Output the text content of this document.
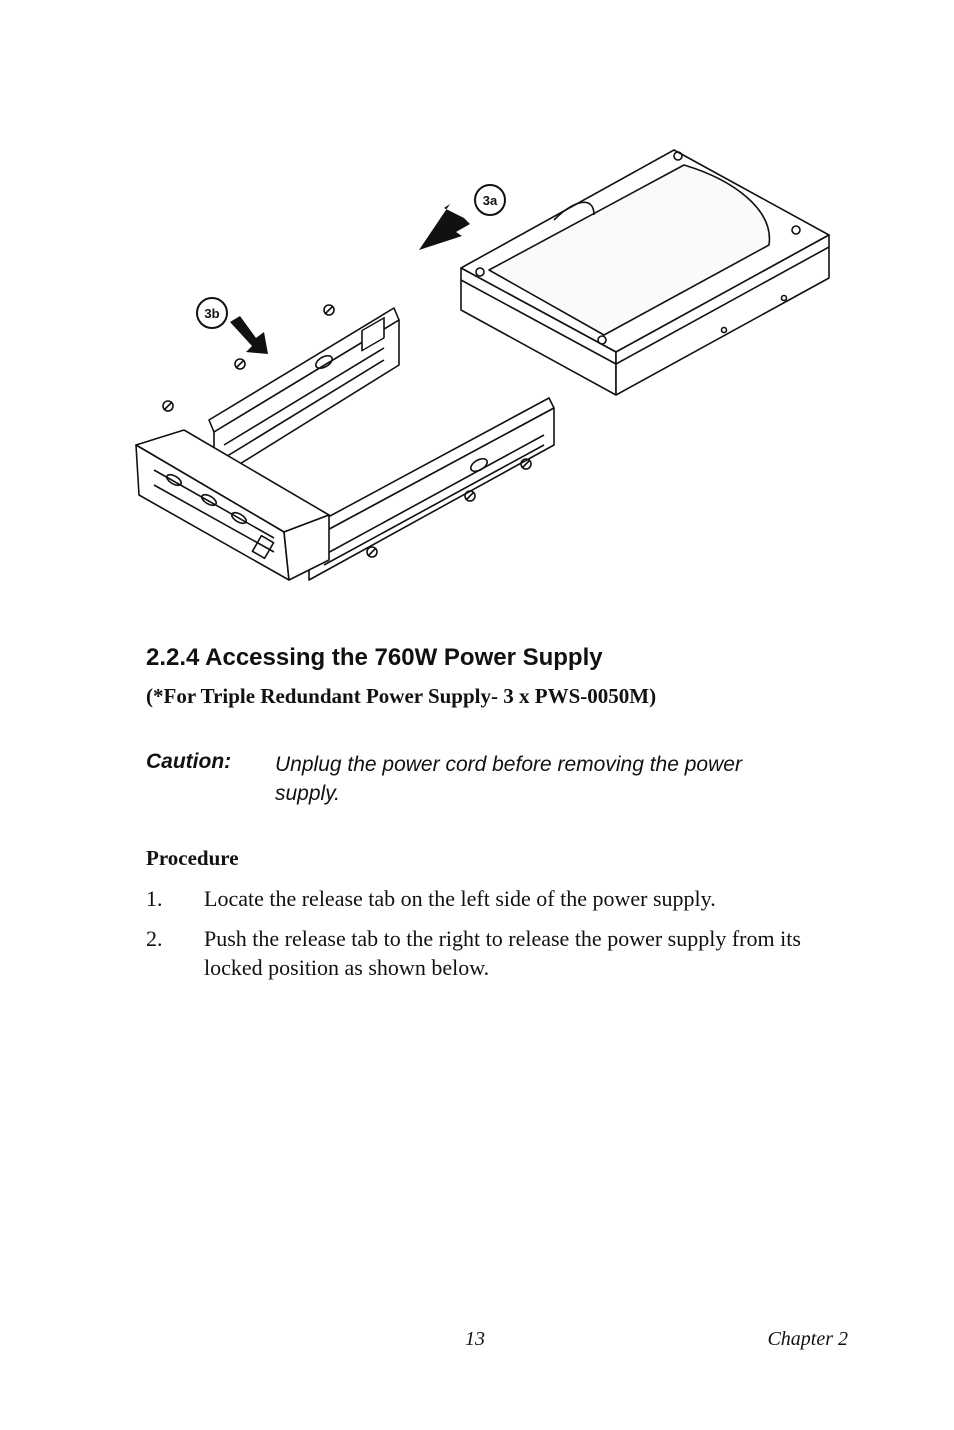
3a
3b
2.2.4 Accessing the 760W Power Supply

(*For Triple Redundant Power Supply- 3 x PWS-0050M)

Caution: Unplug the power cord before removing the power supply.

Procedure

1. Locate the release tab on the left side of the power supply.
2. Push the release tab to the right to release the power supply from its locked position as shown below.
13	Chapter 2
